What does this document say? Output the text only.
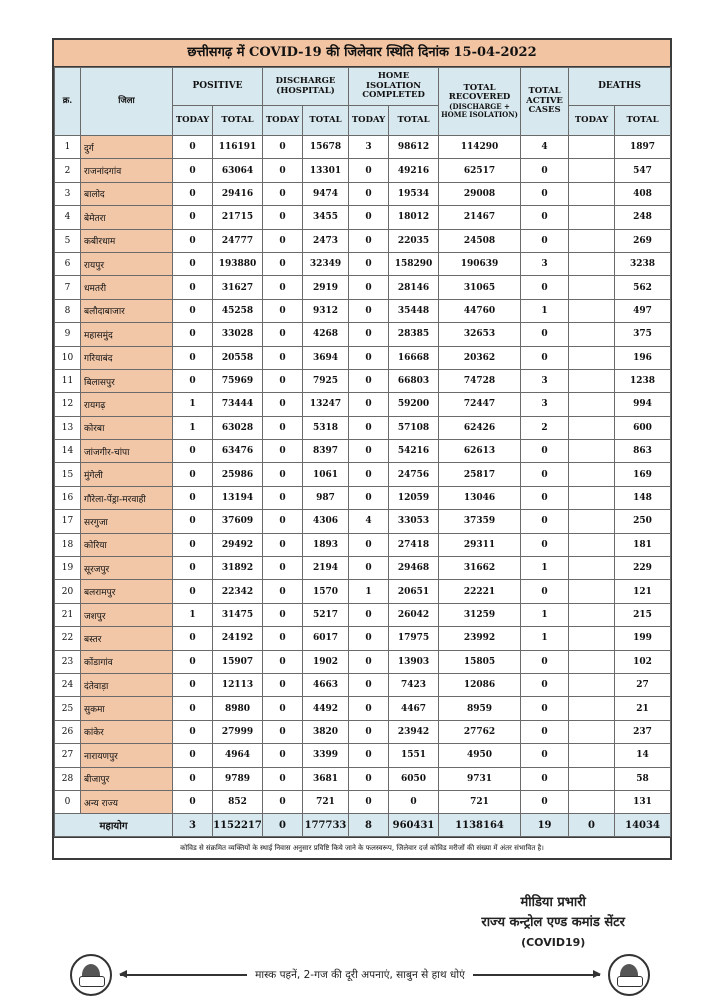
छत्तीसगढ़ में COVID-19 की जिलेवार स्थिति दिनांक 15-04-2022
क्र.	जिला	POSITIVE		DISCHARGE (HOSPITAL)		HOME ISOLATION COMPLETED		TOTAL RECOVERED
(DISCHARGE + HOME ISOLATION)	TOTAL ACTIVE CASES	DEATHS	
		TODAY	TOTAL	TODAY	TOTAL	TODAY	TOTAL			TODAY	TOTAL
1	दुर्ग	0	116191	0	15678	3	98612	114290	4		1897
2	राजनांदगांव	0	63064	0	13301	0	49216	62517	0		547
3	बालोद	0	29416	0	9474	0	19534	29008	0		408
4	बेमेतरा	0	21715	0	3455	0	18012	21467	0		248
5	कबीरधाम	0	24777	0	2473	0	22035	24508	0		269
6	रायपुर	0	193880	0	32349	0	158290	190639	3		3238
7	धमतरी	0	31627	0	2919	0	28146	31065	0		562
8	बलौदाबाजार	0	45258	0	9312	0	35448	44760	1		497
9	महासमुंद	0	33028	0	4268	0	28385	32653	0		375
10	गरियाबंद	0	20558	0	3694	0	16668	20362	0		196
11	बिलासपुर	0	75969	0	7925	0	66803	74728	3		1238
12	रायगढ़	1	73444	0	13247	0	59200	72447	3		994
13	कोरबा	1	63028	0	5318	0	57108	62426	2		600
14	जांजगीर-चांपा	0	63476	0	8397	0	54216	62613	0		863
15	मुंगेली	0	25986	0	1061	0	24756	25817	0		169
16	गौरेला-पेंड्रा-मरवाही	0	13194	0	987	0	12059	13046	0		148
17	सरगुजा	0	37609	0	4306	4	33053	37359	0		250
18	कोरिया	0	29492	0	1893	0	27418	29311	0		181
19	सूरजपुर	0	31892	0	2194	0	29468	31662	1		229
20	बलरामपुर	0	22342	0	1570	1	20651	22221	0		121
21	जशपुर	1	31475	0	5217	0	26042	31259	1		215
22	बस्तर	0	24192	0	6017	0	17975	23992	1		199
23	कोंडागांव	0	15907	0	1902	0	13903	15805	0		102
24	दंतेवाड़ा	0	12113	0	4663	0	7423	12086	0		27
25	सुकमा	0	8980	0	4492	0	4467	8959	0		21
26	कांकेर	0	27999	0	3820	0	23942	27762	0		237
27	नारायणपुर	0	4964	0	3399	0	1551	4950	0		14
28	बीजापुर	0	9789	0	3681	0	6050	9731	0		58
0	अन्य राज्य	0	852	0	721	0	0	721	0		131
महायोग		3	1152217	0	177733	8	960431	1138164	19	0	14034
कोविड से संक्रमित व्यक्तियों के स्थाई निवास अनुसार प्रविष्टि किये जाने के फलस्वरूप, जिलेवार दर्ज कोविड मरीजों की संख्या में अंतर संभावित है।
मीडिया प्रभारी
राज्य कन्ट्रोल एण्ड कमांड सेंटर
(COVID19)
मास्क पहनें, 2-गज की दूरी अपनाएं, साबुन से हाथ धोएं
